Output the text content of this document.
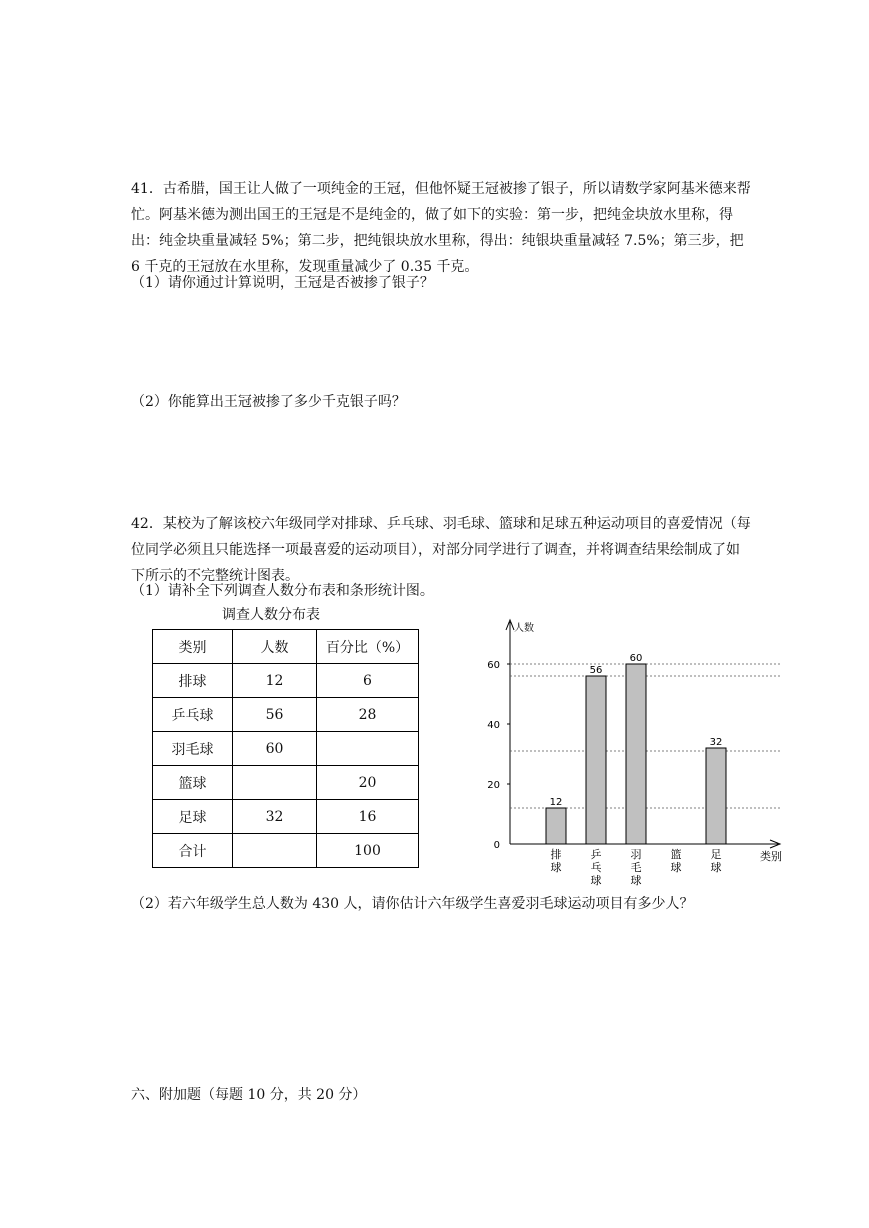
41．古希腊，国王让人做了一项纯金的王冠，但他怀疑王冠被掺了银子，所以请数学家阿基米德来帮忙。阿基米德为测出国王的王冠是不是纯金的，做了如下的实验：第一步，把纯金块放水里称，得出：纯金块重量减轻 5%；第二步，把纯银块放水里称，得出：纯银块重量减轻 7.5%；第三步，把 6 千克的王冠放在水里称，发现重量减少了 0.35 千克。

（1）请你通过计算说明，王冠是否被掺了银子？
（2）你能算出王冠被掺了多少千克银子吗？

42．某校为了解该校六年级同学对排球、乒乓球、羽毛球、篮球和足球五种运动项目的喜爱情况（每位同学必须且只能选择一项最喜爱的运动项目），对部分同学进行了调查，并将调查结果绘制成了如下所示的不完整统计图表。

（1）请补全下列调查人数分布表和条形统计图。
调查人数分布表
类别	人数	百分比（%）
排球	12	6
乒乓球	56	28
羽毛球	60	
篮球		20
足球	32	16
合计		100
人数
类别
0
20
40
60
12
排球
56
乒乓球
60
羽毛球
篮球
32
足球
（2）若六年级学生总人数为 430 人，请你估计六年级学生喜爱羽毛球运动项目有多少人？
六、附加题（每题 10 分，共 20 分）
